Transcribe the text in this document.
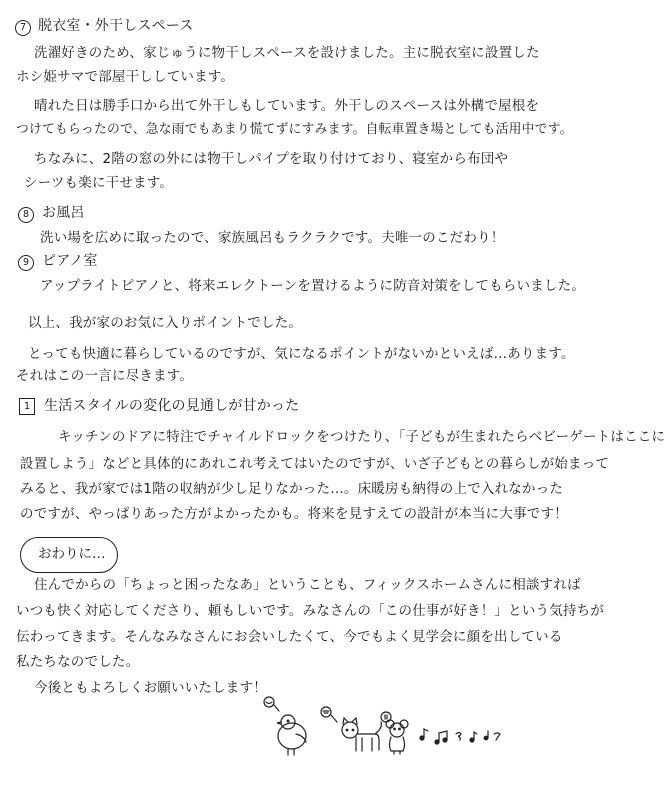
7 脱衣室・外干しスペース
洗濯好きのため、家じゅうに物干しスペースを設けました。主に脱衣室に設置した
ホシ姫サマで部屋干ししています。
晴れた日は勝手口から出て外干しもしています。外干しのスペースは外構で屋根を
つけてもらったので、急な雨でもあまり慌てずにすみます。自転車置き場としても活用中です。
ちなみに、2階の窓の外には物干しパイプを取り付けており、寝室から布団や
シーツも楽に干せます。
8 お風呂
洗い場を広めに取ったので、家族風呂もラクラクです。夫唯一のこだわり！
9 ピアノ室
アップライトピアノと、将来エレクトーンを置けるように防音対策をしてもらいました。
以上、我が家のお気に入りポイントでした。
とっても快適に暮らしているのですが、気になるポイントがないかといえば…あります。
それはこの一言に尽きます。
1 生活スタイルの変化の見通しが甘かった
キッチンのドアに特注でチャイルドロックをつけたり、「子どもが生まれたらベビーゲートはここに
設置しよう」などと具体的にあれこれ考えてはいたのですが、いざ子どもとの暮らしが始まって
みると、我が家では1階の収納が少し足りなかった…。床暖房も納得の上で入れなかった
のですが、やっぱりあった方がよかったかも。将来を見すえての設計が本当に大事です！
おわりに…
住んでからの「ちょっと困ったなあ」ということも、フィックスホームさんに相談すれば
いつも快く対応してくださり、頼もしいです。みなさんの「この仕事が好き！」という気持ちが
伝わってきます。そんなみなさんにお会いしたくて、今でもよく見学会に顔を出している
私たちなのでした。
今後ともよろしくお願いいたします！
